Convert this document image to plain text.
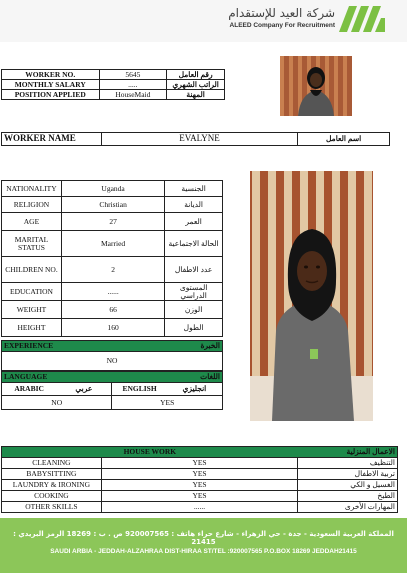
شركة العيد للإستقدام
ALEED Company For Recruitment
WORKER NO.	5645	رقم العامل
MONTHLY SALARY	.....	الراتب الشهري
POSITION APPLIED	HouseMaid	المهنة
WORKER NAME	EVALYNE	اسم العامل
NATIONALITY	Uganda	الجنسية
RELIGION	Christian	الديانة
AGE	27	العمر
MARITAL STATUS	Married	الحالة الاجتماعية
CHILDREN NO.	2	عدد الاطفال
EDUCATION	......	المستوى الدراسي
WEIGHT	66	الوزن
HEIGHT	160	الطول
EXPERIENCE	الخبرة
NO
LANGUAGE		اللغات	
ARABIC	عربي	ENGLISH	انجليزي
NO		YES	
HOUSE WORK		الاعمال المنزلية
CLEANING	YES	التنظيف
BABYSITTING	YES	تربية الاطفال
LAUNDRY & IRONING	YES	الغسيل و الكي
COOKING	YES	الطبخ
OTHER SKILLS	......	المهارات الأخرى
المملكة العربية السعودية - جدة - حي الزهراء - شارع حراء هاتف : 920007565 ص . ب : 18269 الرمز البريدي : 21415
SAUDI ARBIA - JEDDAH-ALZAHRAA DIST-HIRAA ST/TEL :920007565 P.O.BOX 18269 JEDDAH21415
